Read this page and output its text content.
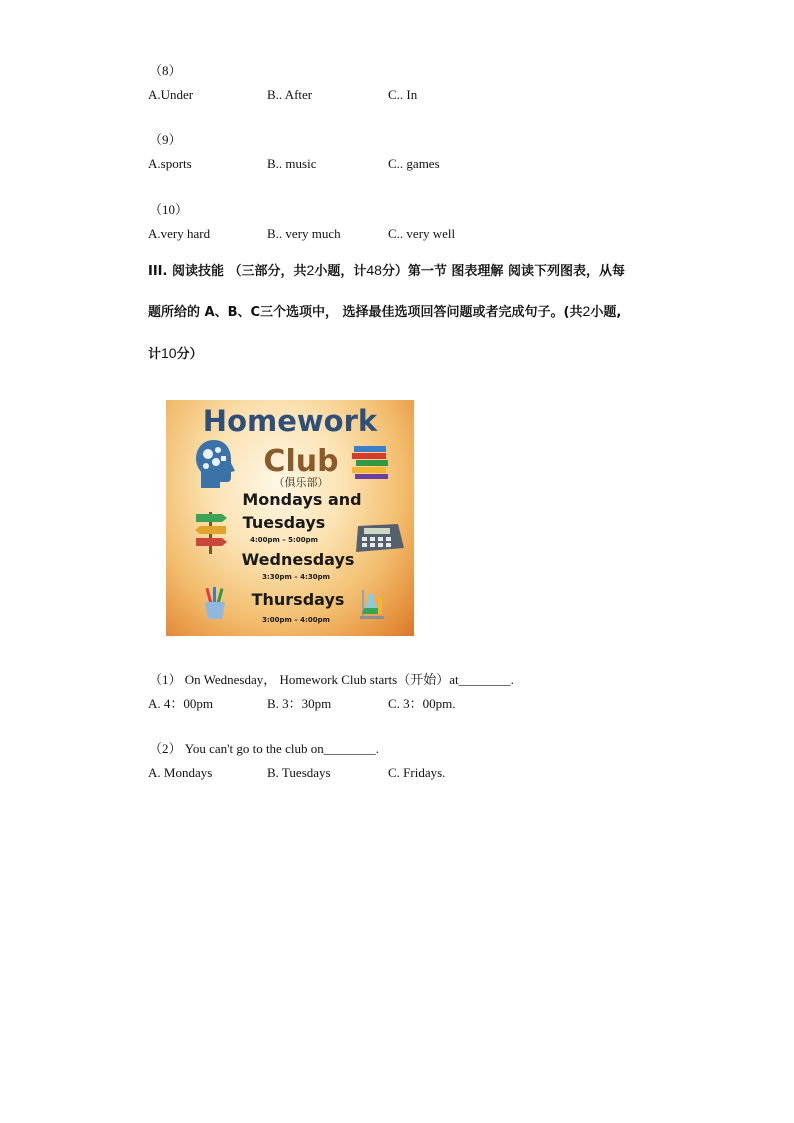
（8）
A.Under	B.. After	C.. In
（9）
A.sports	B.. music	C.. games
（10）
A.very hard	B.. very much	C.. very well
III. 阅读技能 （三部分，共2小题，计48分）第一节 图表理解 阅读下列图表，从每
题所给的 A、B、C三个选项中， 选择最佳选项回答问题或者完成句子。(共2小题,
计10分）
Homework
Club
（俱乐部）
Mondays and
Tuesdays
4:00pm – 5:00pm
Wednesdays
3:30pm – 4:30pm
Thursdays
3:00pm – 4:00pm
（1） On Wednesday， Homework Club starts（开始）at________.
A. 4：00pm	B. 3：30pm	C. 3：00pm.
（2） You can't go to the club on________.
A. Mondays	B. Tuesdays	C. Fridays.
